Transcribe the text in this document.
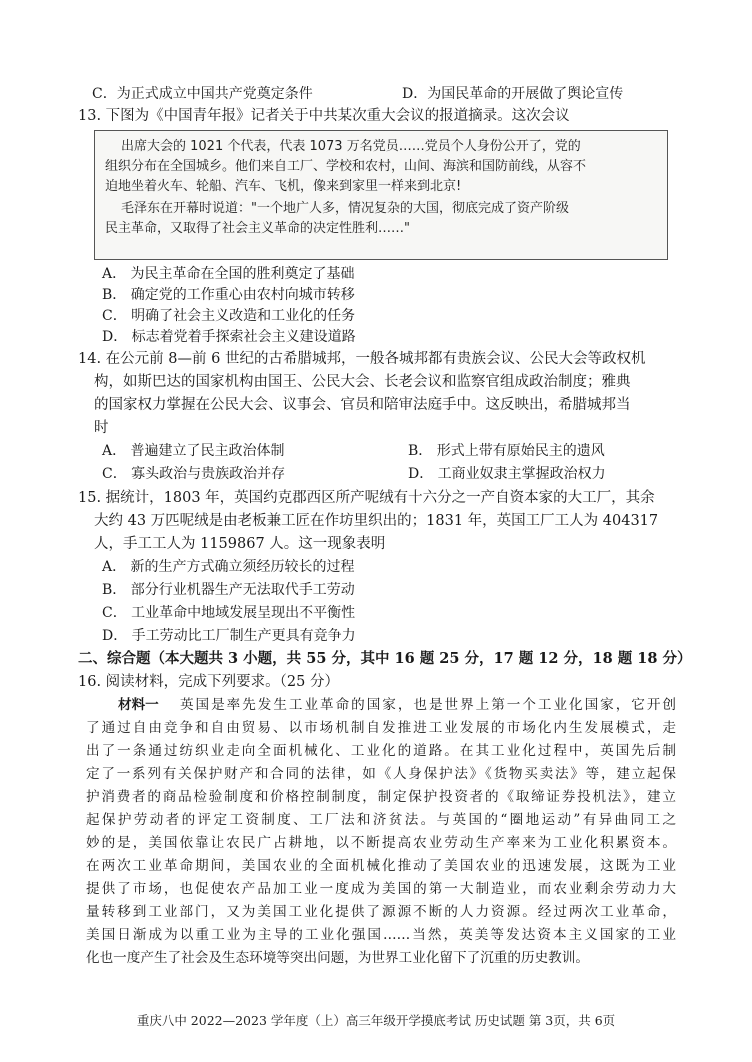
C．为正式成立中国共产党奠定条件	D．为国民革命的开展做了舆论宣传
13. 下图为《中国青年报》记者关于中共某次重大会议的报道摘录。这次会议
出席大会的 1021 个代表，代表 1073 万名党员……党员个人身份公开了，党的
组织分布在全国城乡。他们来自工厂、学校和农村，山间、海滨和国防前线，从容不
迫地坐着火车、轮船、汽车、飞机，像来到家里一样来到北京!
毛泽东在开幕时说道："一个地广人多，情况复杂的大国，彻底完成了资产阶级
民主革命，又取得了社会主义革命的决定性胜利……"
A． 为民主革命在全国的胜利奠定了基础
B． 确定党的工作重心由农村向城市转移
C． 明确了社会主义改造和工业化的任务
D． 标志着党着手探索社会主义建设道路
14. 在公元前 8—前 6 世纪的古希腊城邦，一般各城邦都有贵族会议、公民大会等政权机
构，如斯巴达的国家机构由国王、公民大会、长老会议和监察官组成政治制度；雅典
的国家权力掌握在公民大会、议事会、官员和陪审法庭手中。这反映出，希腊城邦当
时
A． 普遍建立了民主政治体制	B． 形式上带有原始民主的遗风
C． 寡头政治与贵族政治并存	D． 工商业奴隶主掌握政治权力
15. 据统计，1803 年，英国约克郡西区所产呢绒有十六分之一产自资本家的大工厂，其余
大约 43 万匹呢绒是由老板兼工匠在作坊里织出的；1831 年，英国工厂工人为 404317
人，手工工人为 1159867 人。这一现象表明
A． 新的生产方式确立须经历较长的过程
B． 部分行业机器生产无法取代手工劳动
C． 工业革命中地域发展呈现出不平衡性
D． 手工劳动比工厂制生产更具有竞争力
二、综合题（本大题共 3 小题，共 55 分，其中 16 题 25 分，17 题 12 分，18 题 18 分）
16. 阅读材料，完成下列要求。（25 分）
材料一 英国是率先发生工业革命的国家，也是世界上第一个工业化国家，它开创
了通过自由竞争和自由贸易、以市场机制自发推进工业发展的市场化内生发展模式，走
出了一条通过纺织业走向全面机械化、工业化的道路。在其工业化过程中，英国先后制
定了一系列有关保护财产和合同的法律，如《人身保护法》《货物买卖法》等，建立起保
护消费者的商品检验制度和价格控制制度，制定保护投资者的《取缔证券投机法》，建立
起保护劳动者的评定工资制度、工厂法和济贫法。与英国的“圈地运动”有异曲同工之
妙的是，美国依靠让农民广占耕地，以不断提高农业劳动生产率来为工业化积累资本。
在两次工业革命期间，美国农业的全面机械化推动了美国农业的迅速发展，这既为工业
提供了市场，也促使农产品加工业一度成为美国的第一大制造业，而农业剩余劳动力大
量转移到工业部门，又为美国工业化提供了源源不断的人力资源。经过两次工业革命，
美国日渐成为以重工业为主导的工业化强国……当然，英美等发达资本主义国家的工业
化也一度产生了社会及生态环境等突出问题，为世界工业化留下了沉重的历史教训。
重庆八中 2022—2023 学年度（上）高三年级开学摸底考试 历史试题 第 3页，共 6页
